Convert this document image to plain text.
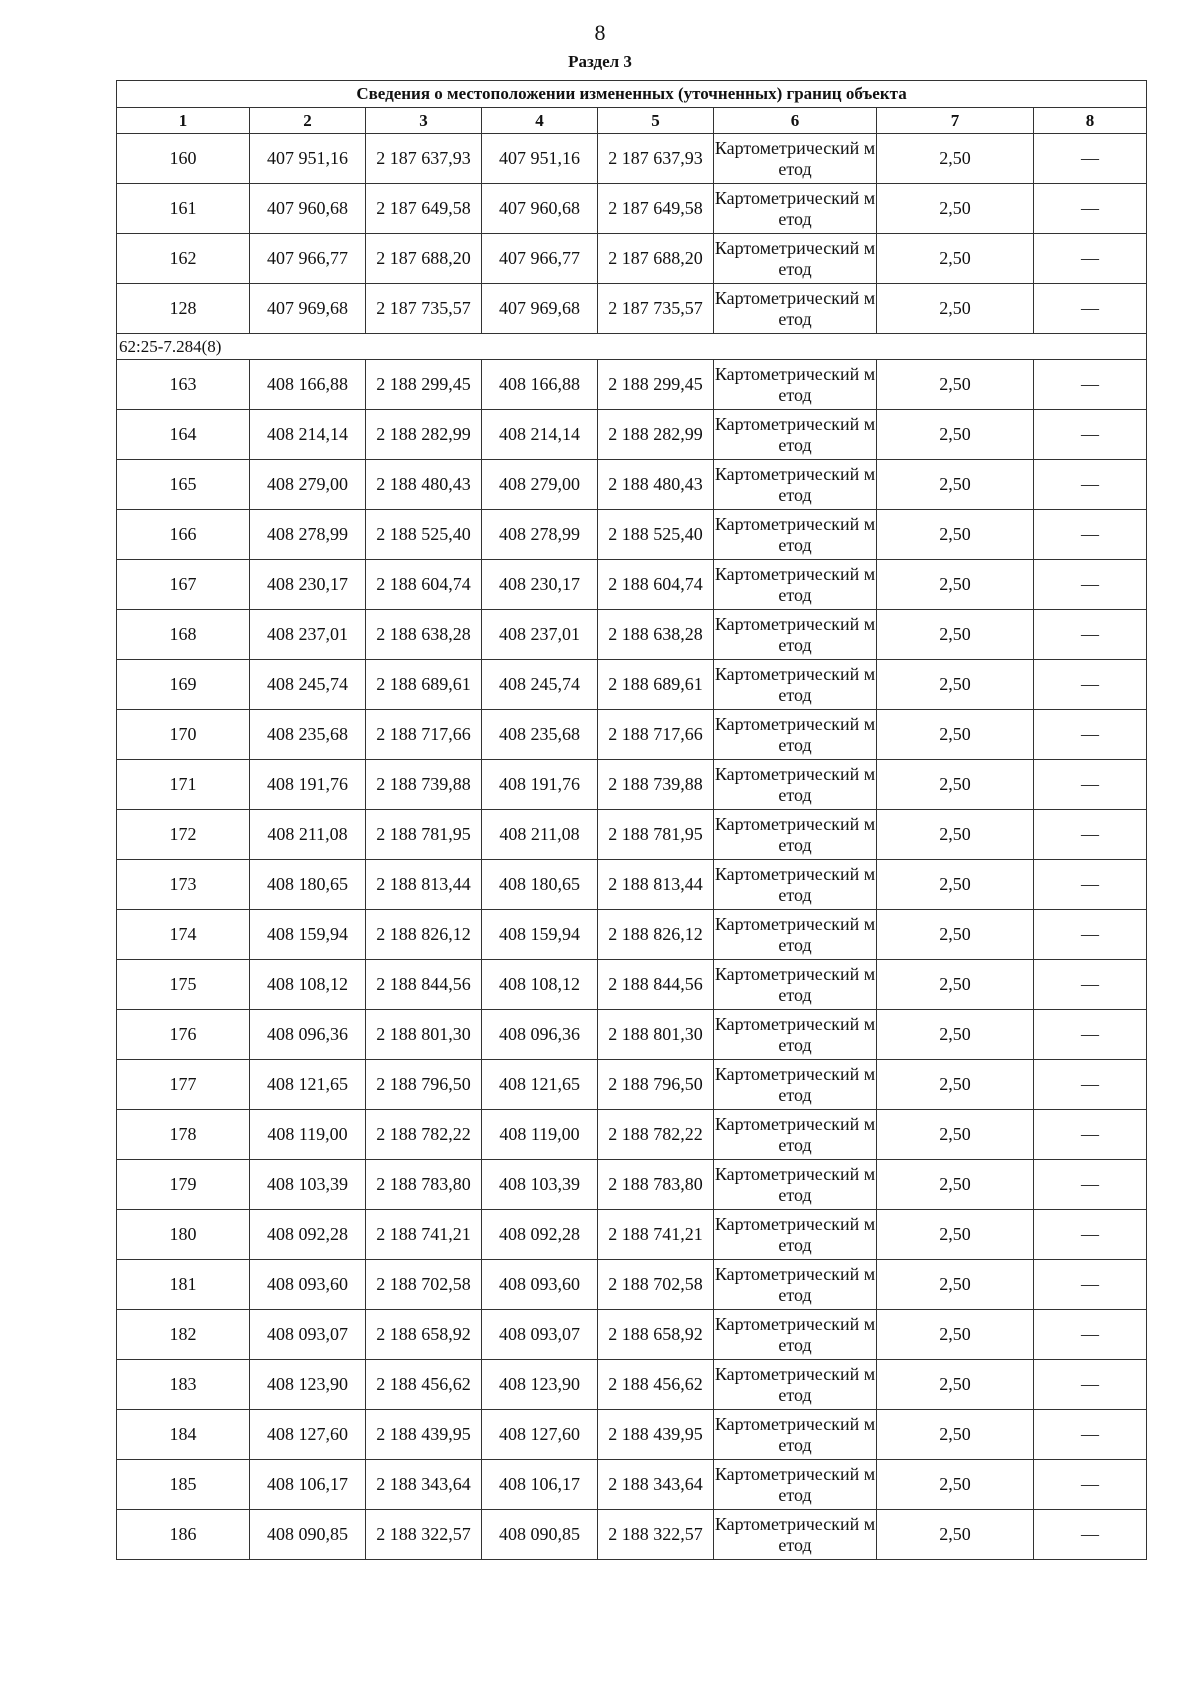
8
Раздел 3
Сведения о местоположении измененных (уточненных) границ объекта							
1	2	3	4	5	6	7	8
160	407 951,16	2 187 637,93	407 951,16	2 187 637,93	Картометрический метод	2,50	—
161	407 960,68	2 187 649,58	407 960,68	2 187 649,58	Картометрический метод	2,50	—
162	407 966,77	2 187 688,20	407 966,77	2 187 688,20	Картометрический метод	2,50	—
128	407 969,68	2 187 735,57	407 969,68	2 187 735,57	Картометрический метод	2,50	—
62:25-7.284(8)							
163	408 166,88	2 188 299,45	408 166,88	2 188 299,45	Картометрический метод	2,50	—
164	408 214,14	2 188 282,99	408 214,14	2 188 282,99	Картометрический метод	2,50	—
165	408 279,00	2 188 480,43	408 279,00	2 188 480,43	Картометрический метод	2,50	—
166	408 278,99	2 188 525,40	408 278,99	2 188 525,40	Картометрический метод	2,50	—
167	408 230,17	2 188 604,74	408 230,17	2 188 604,74	Картометрический метод	2,50	—
168	408 237,01	2 188 638,28	408 237,01	2 188 638,28	Картометрический метод	2,50	—
169	408 245,74	2 188 689,61	408 245,74	2 188 689,61	Картометрический метод	2,50	—
170	408 235,68	2 188 717,66	408 235,68	2 188 717,66	Картометрический метод	2,50	—
171	408 191,76	2 188 739,88	408 191,76	2 188 739,88	Картометрический метод	2,50	—
172	408 211,08	2 188 781,95	408 211,08	2 188 781,95	Картометрический метод	2,50	—
173	408 180,65	2 188 813,44	408 180,65	2 188 813,44	Картометрический метод	2,50	—
174	408 159,94	2 188 826,12	408 159,94	2 188 826,12	Картометрический метод	2,50	—
175	408 108,12	2 188 844,56	408 108,12	2 188 844,56	Картометрический метод	2,50	—
176	408 096,36	2 188 801,30	408 096,36	2 188 801,30	Картометрический метод	2,50	—
177	408 121,65	2 188 796,50	408 121,65	2 188 796,50	Картометрический метод	2,50	—
178	408 119,00	2 188 782,22	408 119,00	2 188 782,22	Картометрический метод	2,50	—
179	408 103,39	2 188 783,80	408 103,39	2 188 783,80	Картометрический метод	2,50	—
180	408 092,28	2 188 741,21	408 092,28	2 188 741,21	Картометрический метод	2,50	—
181	408 093,60	2 188 702,58	408 093,60	2 188 702,58	Картометрический метод	2,50	—
182	408 093,07	2 188 658,92	408 093,07	2 188 658,92	Картометрический метод	2,50	—
183	408 123,90	2 188 456,62	408 123,90	2 188 456,62	Картометрический метод	2,50	—
184	408 127,60	2 188 439,95	408 127,60	2 188 439,95	Картометрический метод	2,50	—
185	408 106,17	2 188 343,64	408 106,17	2 188 343,64	Картометрический метод	2,50	—
186	408 090,85	2 188 322,57	408 090,85	2 188 322,57	Картометрический метод	2,50	—
